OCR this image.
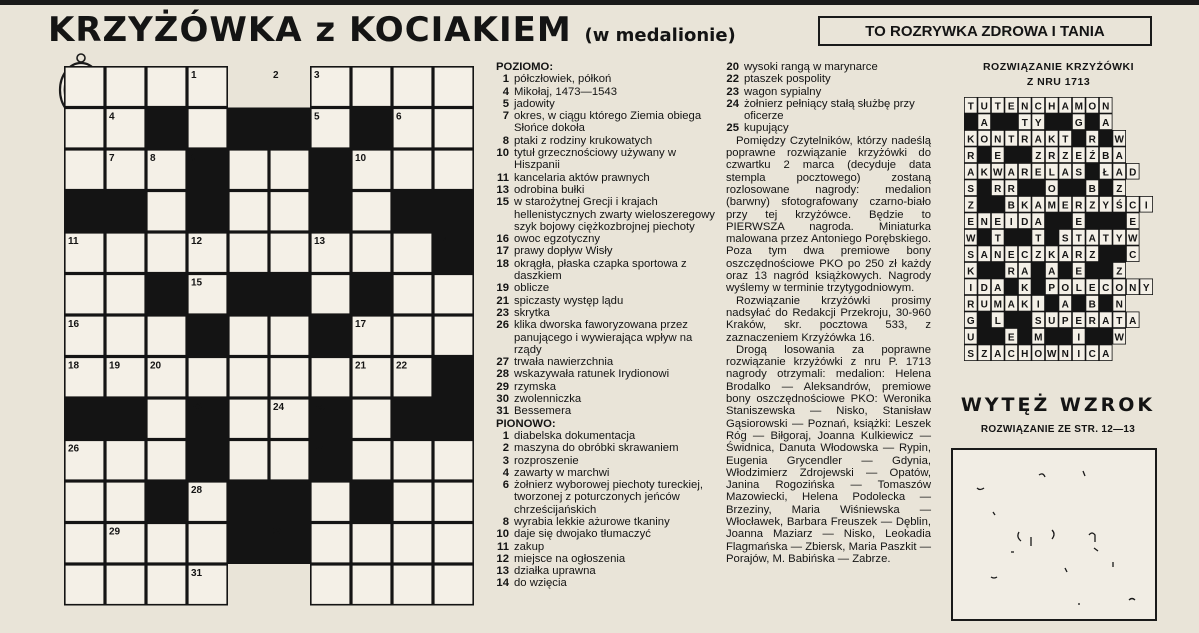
KRZYŻÓWKA z KOCIAKIEM (w medalionie)	TO ROZRYWKA ZDROWA I TANIA
1	2	3
4	5	6
7	8	9	10
11	12	13	14
15
16	17
18	19	20	21	22
23	24	25
26	27
28
29	30
31
POZIOMO:
1 półczłowiek, półkoń
4 Mikołaj, 1473—1543
5 jadowity
7 okres, w ciągu którego Ziemia obiega Słońce dokoła
8 ptaki z rodziny krukowatych
10 tytuł grzecznościowy używany w Hiszpanii
11 kancelaria aktów prawnych
13 odrobina bułki
15 w starożytnej Grecji i krajach hellenistycznych zwarty wieloszeregowy szyk bojowy ciężkozbrojnej piechoty
16 owoc egzotyczny
17 prawy dopływ Wisły
18 okrągła, płaska czapka sportowa z daszkiem
19 oblicze
21 spiczasty występ lądu
23 skrytka
26 klika dworska faworyzowana przez panującego i wywierająca wpływ na rządy
27 trwała nawierzchnia
28 wskazywała ratunek Irydionowi
29 rzymska
30 zwolenniczka
31 Bessemera
PIONOWO:
1 diabelska dokumentacja
2 maszyna do obróbki skrawaniem
3 rozproszenie
4 zawarty w marchwi
6 żołnierz wyborowej piechoty tureckiej, tworzonej z poturczonych jeńców chrześcijańskich
8 wyrabia lekkie ażurowe tkaniny
10 daje się dwojako tłumaczyć
11 zakup
12 miejsce na ogłoszenia
13 działka uprawna
14 do wzięcia
20 wysoki rangą w marynarce
22 ptaszek pospolity
23 wagon sypialny
24 żołnierz pełniący stałą służbę przy oficerze
25 kupujący

Pomiędzy Czytelników, którzy nadeślą poprawne rozwiązanie krzyżówki do czwartku 2 marca (decyduje data stempla pocztowego) zostaną rozlosowane nagrody: medalion (barwny) sfotografowany czarno-biało przy tej krzyżówce. Będzie to PIERWSZA nagroda. Miniaturka malowana przez Antoniego Porębskiego. Poza tym dwa premiowe bony oszczędnościowe PKO po 250 zł każdy oraz 13 nagród książkowych. Nagrody wyślemy w terminie trzytygodniowym.

Rozwiązanie krzyżówki prosimy nadsyłać do Redakcji Przekroju, 30-960 Kraków, skr. pocztowa 533, z zaznaczeniem Krzyżówka 16.

Drogą losowania za poprawne rozwiązanie krzyżówki z nru P. 1713 nagrody otrzymali: medalion: Helena Brodalko — Aleksandrów, premiowe bony oszczędnościowe PKO: Weronika Staniszewska — Nisko, Stanisław Gąsiorowski — Poznań, książki: Leszek Róg — Biłgoraj, Joanna Kulkiewicz — Świdnica, Danuta Włodowska — Rypin, Eugenia Grycendler — Gdynia, Włodzimierz Zdrojewski — Opatów, Janina Rogozińska — Tomaszów Mazowiecki, Helena Podolecka — Brzeziny, Maria Wiśniewska — Włocławek, Barbara Freuszek — Dęblin, Joanna Maziarz — Nisko, Leokadia Flagmańska — Zbiersk, Maria Paszkit — Porajów, M. Babińska — Zabrze.

ROZWIĄZANIE KRZYŻÓWKI
Z NRU 1713
T U T E N C H A M O N
A	T Y	G A
K O N T R A K T R W
R E	Z R Z E Ź B A
A K W A R E L A S Ł A D
S R R	O	B Z
Z	B K A M E R Z Y Ś C I
E N E I D A	E	E
W T	T S T A T Y W
S A N E C Z K A R Z	C
K	R A A E	Z
I D A K P O L E C O N Y
R U M A K I A B N
G L	S U P E R A T A
U	E M	I	W
S Z A C H O W N I C A
WYTĘŻ WZROK
ROZWIĄZANIE ZE STR. 12—13
